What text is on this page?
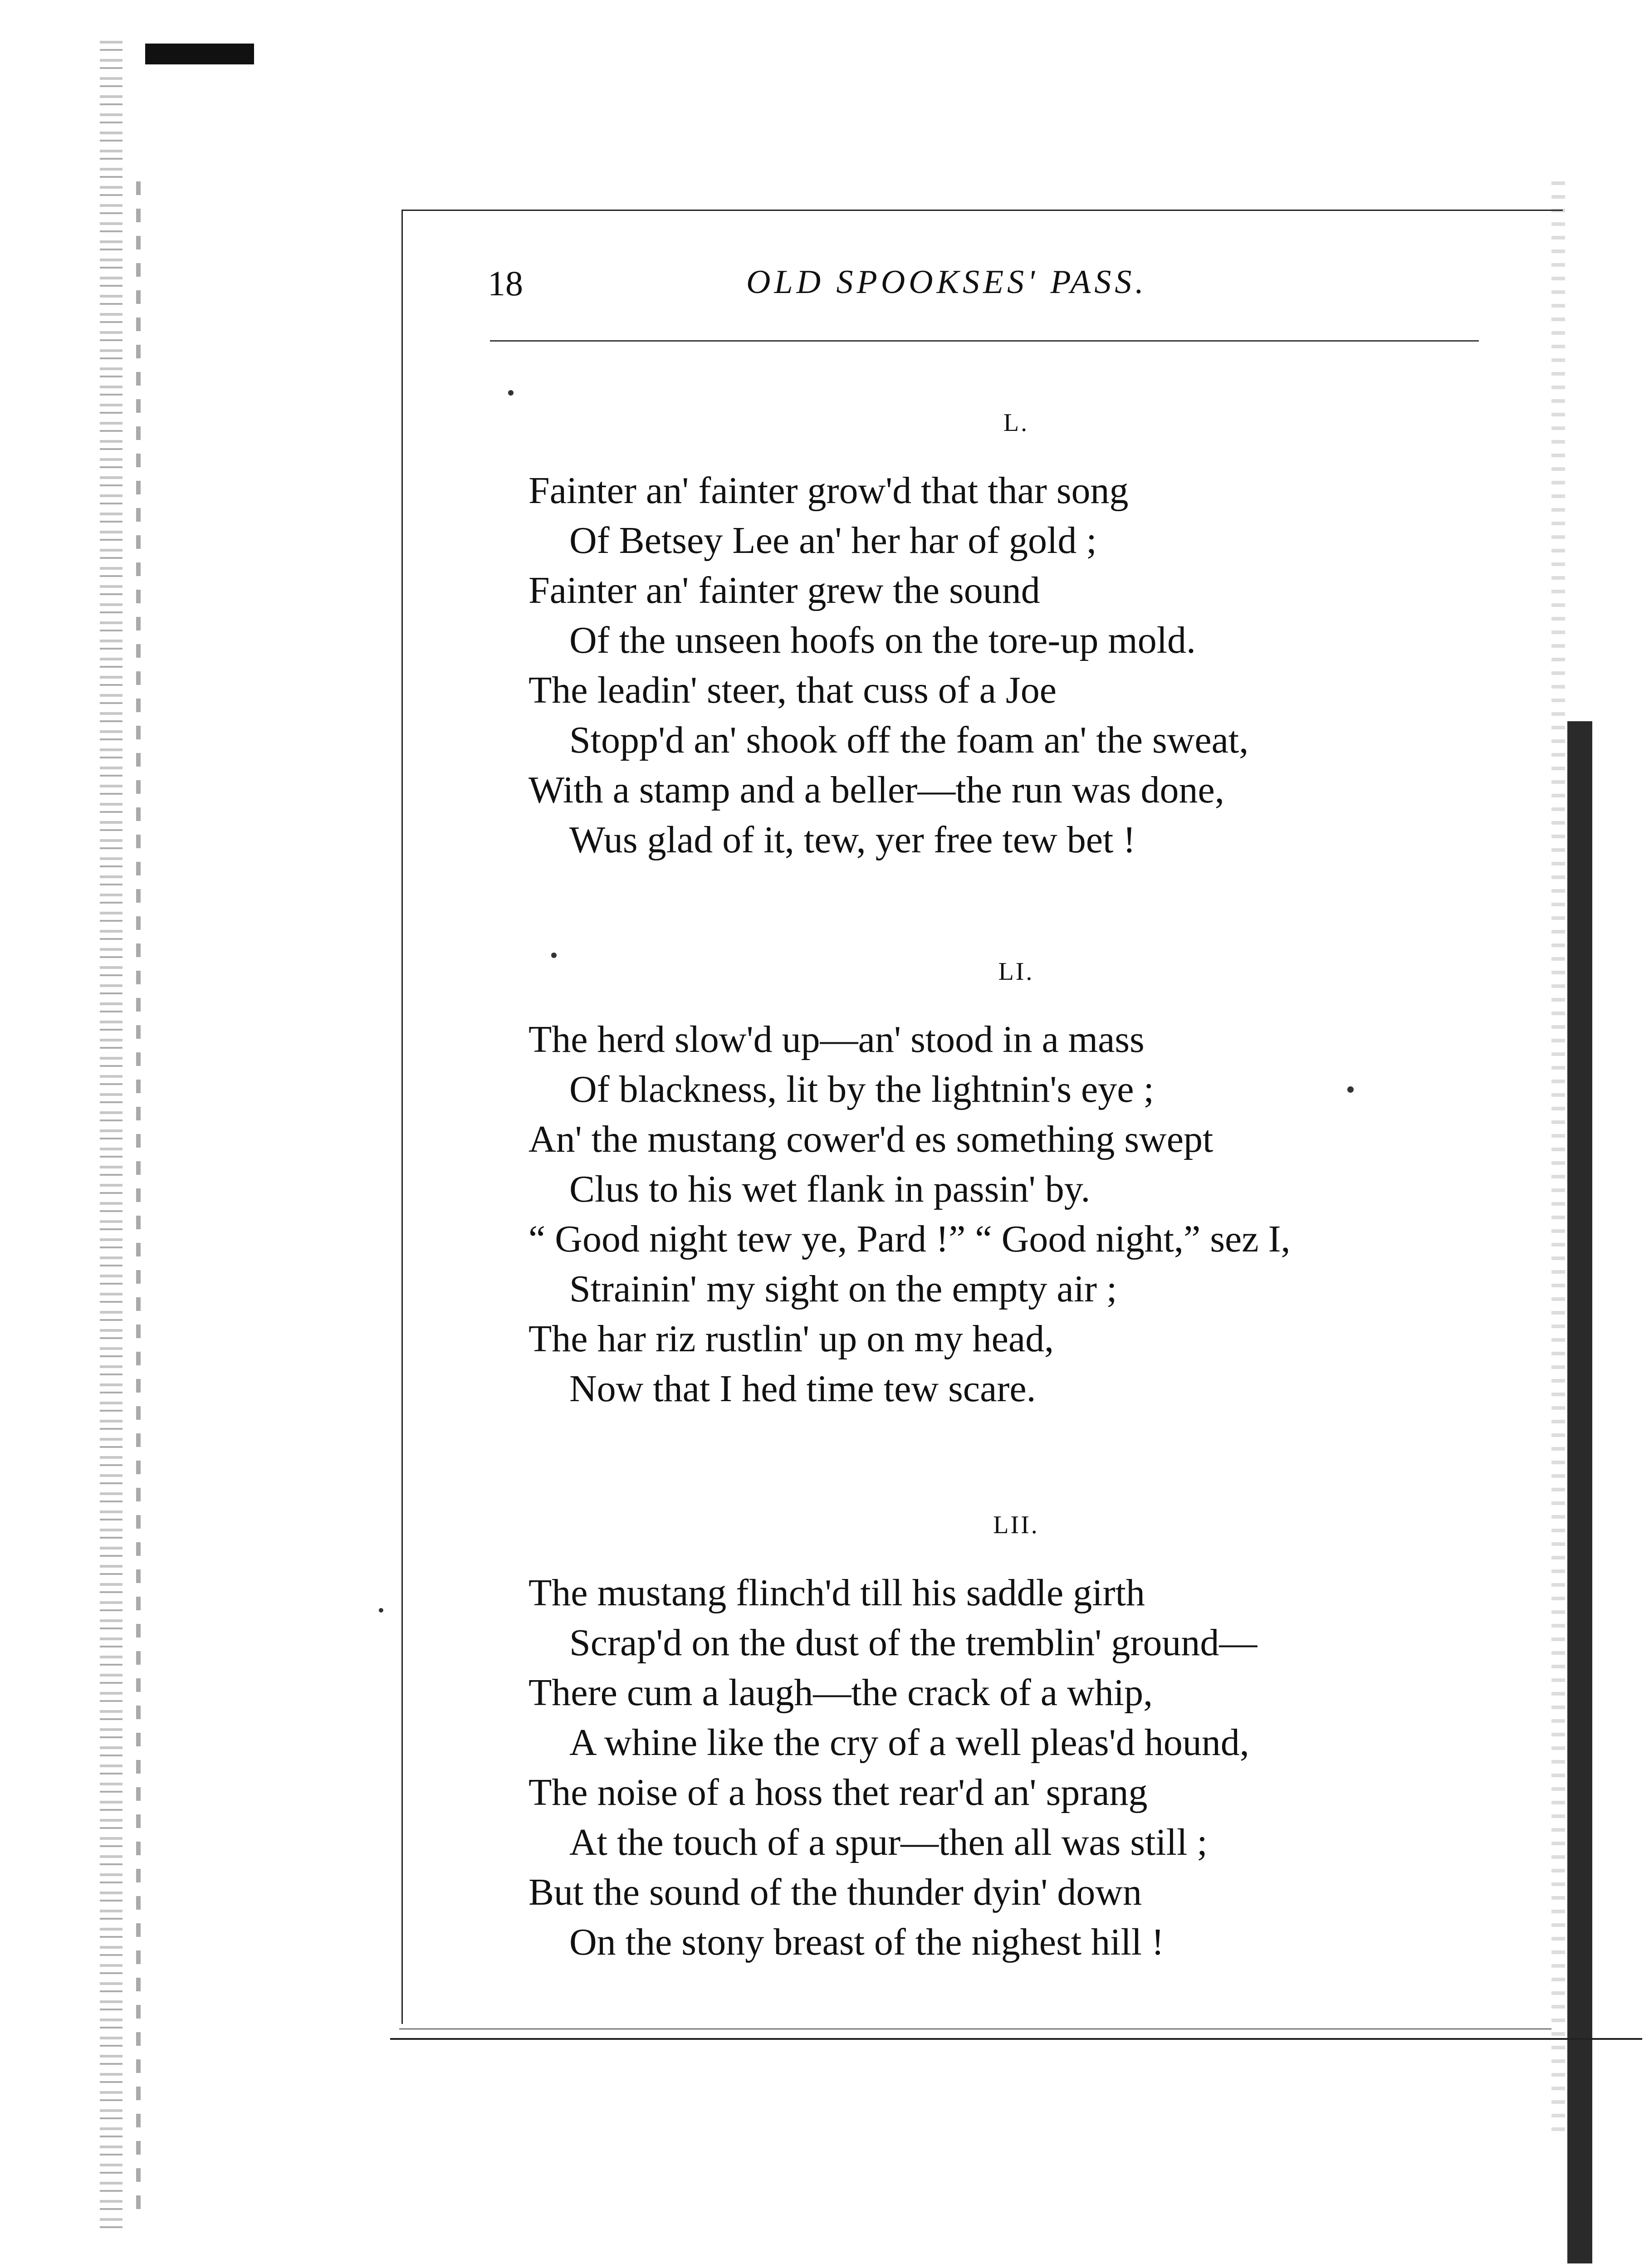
18	OLD SPOOKSES' PASS.
L.
Fainter an' fainter grow'd that thar song
Of Betsey Lee an' her har of gold ;
Fainter an' fainter grew the sound
Of the unseen hoofs on the tore-up mold.
The leadin' steer, that cuss of a Joe
Stopp'd an' shook off the foam an' the sweat,
With a stamp and a beller—the run was done,
Wus glad of it, tew, yer free tew bet !
LI.
The herd slow'd up—an' stood in a mass
Of blackness, lit by the lightnin's eye ;
An' the mustang cower'd es something swept
Clus to his wet flank in passin' by.
“ Good night tew ye, Pard !” “ Good night,” sez I,
Strainin' my sight on the empty air ;
The har riz rustlin' up on my head,
Now that I hed time tew scare.
LII.
The mustang flinch'd till his saddle girth
Scrap'd on the dust of the tremblin' ground—
There cum a laugh—the crack of a whip,
A whine like the cry of a well pleas'd hound,
The noise of a hoss thet rear'd an' sprang
At the touch of a spur—then all was still ;
But the sound of the thunder dyin' down
On the stony breast of the nighest hill !
